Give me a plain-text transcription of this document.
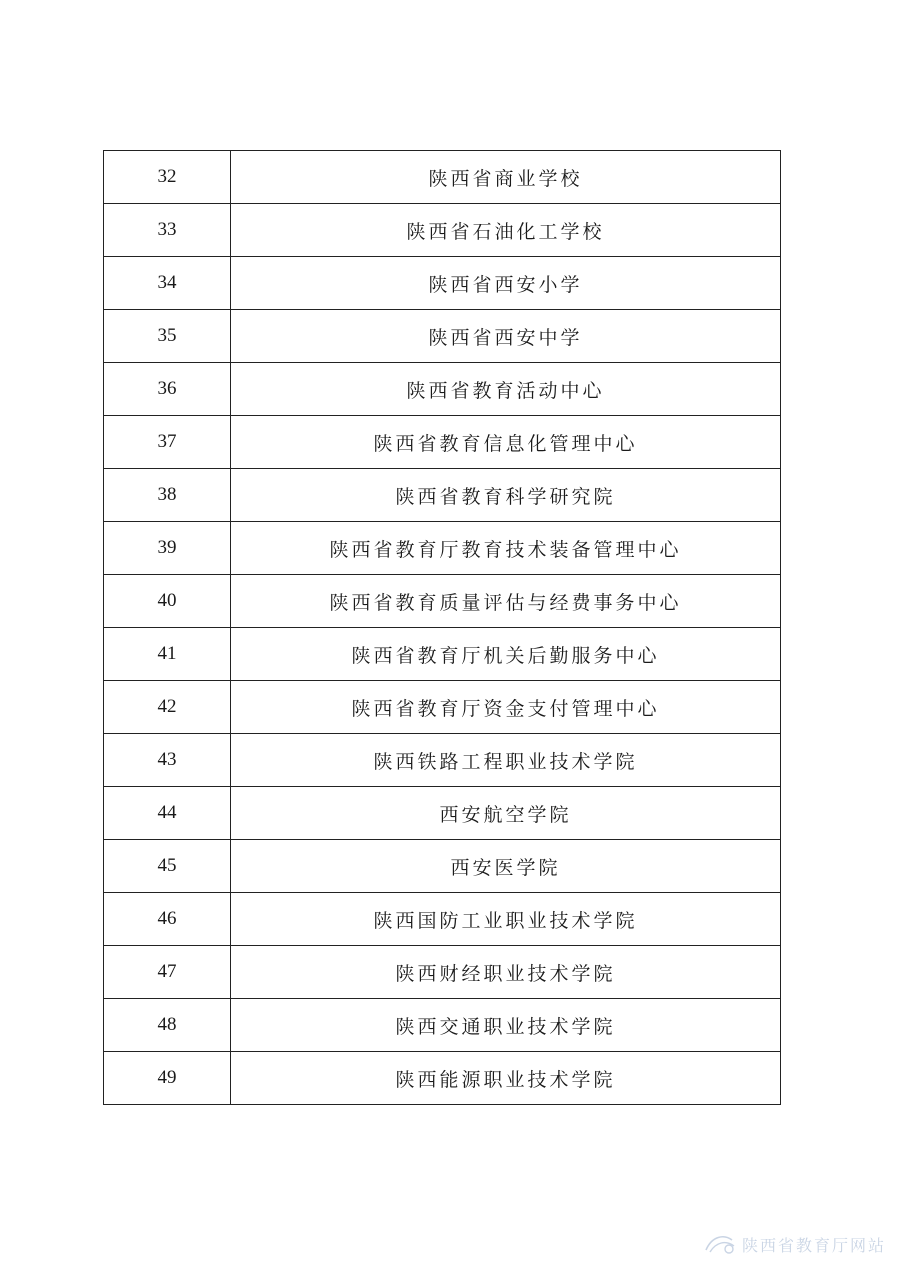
32	陕西省商业学校
33	陕西省石油化工学校
34	陕西省西安小学
35	陕西省西安中学
36	陕西省教育活动中心
37	陕西省教育信息化管理中心
38	陕西省教育科学研究院
39	陕西省教育厅教育技术装备管理中心
40	陕西省教育质量评估与经费事务中心
41	陕西省教育厅机关后勤服务中心
42	陕西省教育厅资金支付管理中心
43	陕西铁路工程职业技术学院
44	西安航空学院
45	西安医学院
46	陕西国防工业职业技术学院
47	陕西财经职业技术学院
48	陕西交通职业技术学院
49	陕西能源职业技术学院
陕西省教育厅网站
